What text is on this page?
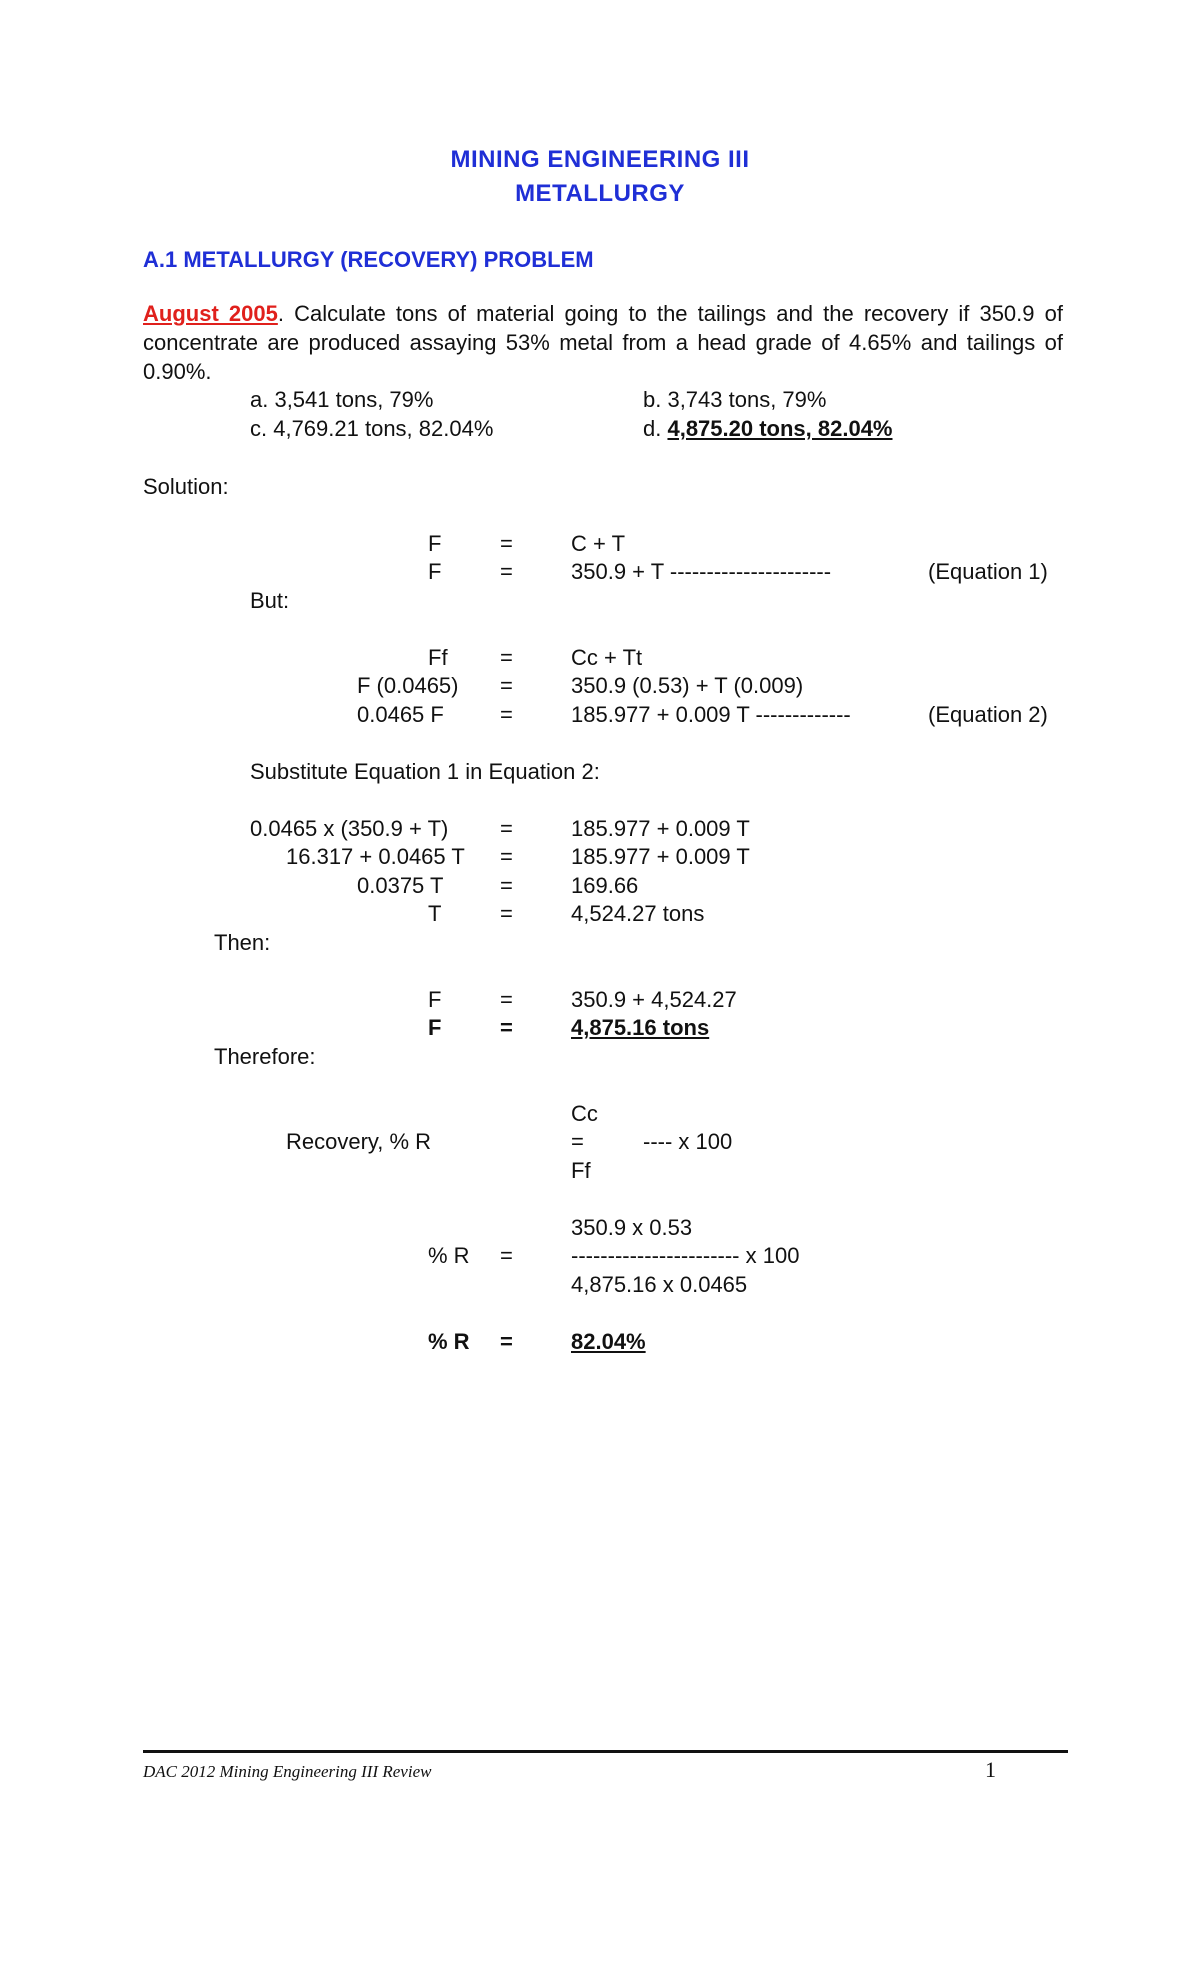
MINING ENGINEERING III
METALLURGY
A.1 METALLURGY (RECOVERY) PROBLEM
August 2005. Calculate tons of material going to the tailings and the recovery if 350.9 of concentrate are produced assaying 53% metal from a head grade of 4.65% and tailings of 0.90%.
a. 3,541 tons, 79%	b. 3,743 tons, 79%
c. 4,769.21 tons, 82.04%	d. 4,875.20 tons, 82.04%
Solution:
F	=	C + T
F	=	350.9 + T ----------------------	(Equation 1)
But:
Ff =	Cc + Tt
F (0.0465) =	350.9 (0.53) + T (0.009)
0.0465 F	=	185.977 + 0.009 T -------------	(Equation 2)
Substitute Equation 1 in Equation 2:
0.0465 x (350.9 + T) =	185.977 + 0.009 T
16.317 + 0.0465 T =	185.977 + 0.009 T
0.0375 T	=	169.66
T	=	4,524.27 tons
Then:
F	=	350.9 + 4,524.27
F	=	4,875.16 tons
Therefore:
Cc
Recovery, % R	=	---- x 100
Ff
350.9 x 0.53
% R =	----------------------- x 100
4,875.16 x 0.0465
% R =	82.04%
DAC 2012 Mining Engineering III Review	1
